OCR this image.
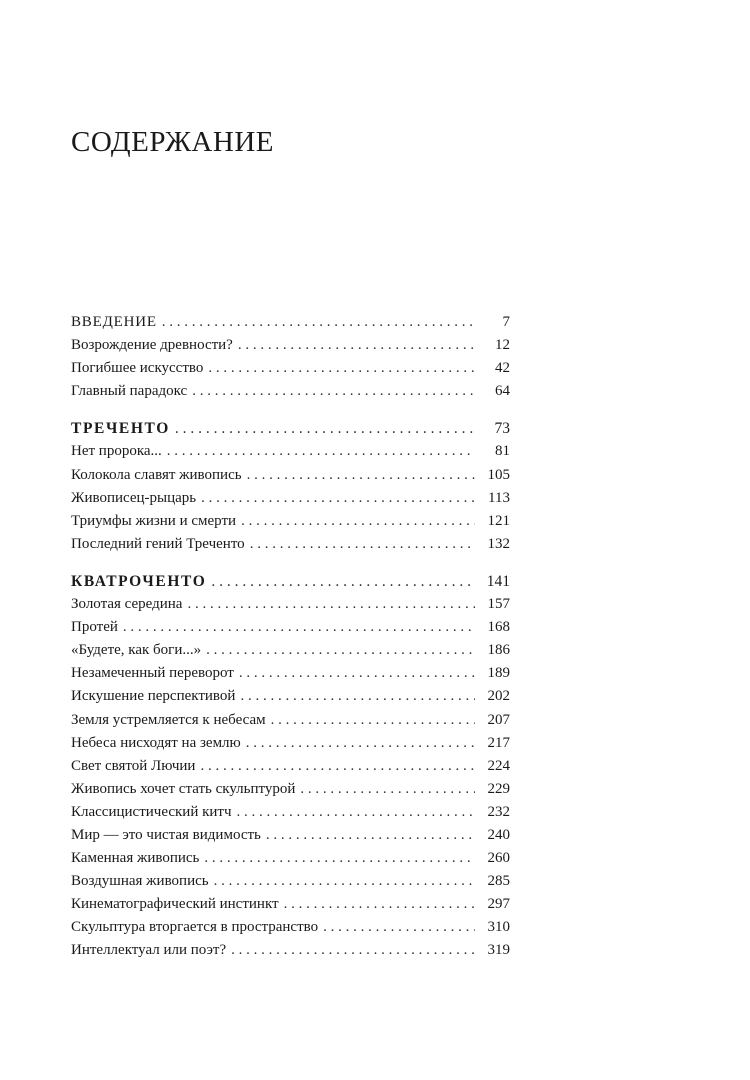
СОДЕРЖАНИЕ
ВВЕДЕНИЕ . . .	7
Возрождение древности? . . .	12
Погибшее искусство . . .	42
Главный парадокс . . .	64
ТРЕЧЕНТО . . .	73
Нет пророка... . . .	81
Колокола славят живопись . . .	105
Живописец-рыцарь . . .	113
Триумфы жизни и смерти . . .	121
Последний гений Треченто . . .	132
КВАТРОЧЕНТО . . .	141
Золотая середина . . .	157
Протей . . .	168
«Будете, как боги...» . . .	186
Незамеченный переворот . . .	189
Искушение перспективой . . .	202
Земля устремляется к небесам . . .	207
Небеса нисходят на землю . . .	217
Свет святой Лючии . . .	224
Живопись хочет стать скульптурой . . .	229
Классицистический китч . . .	232
Мир — это чистая видимость . . .	240
Каменная живопись . . .	260
Воздушная живопись . . .	285
Кинематографический инстинкт . . .	297
Скульптура вторгается в пространство . . .	310
Интеллектуал или поэт? . . .	319
